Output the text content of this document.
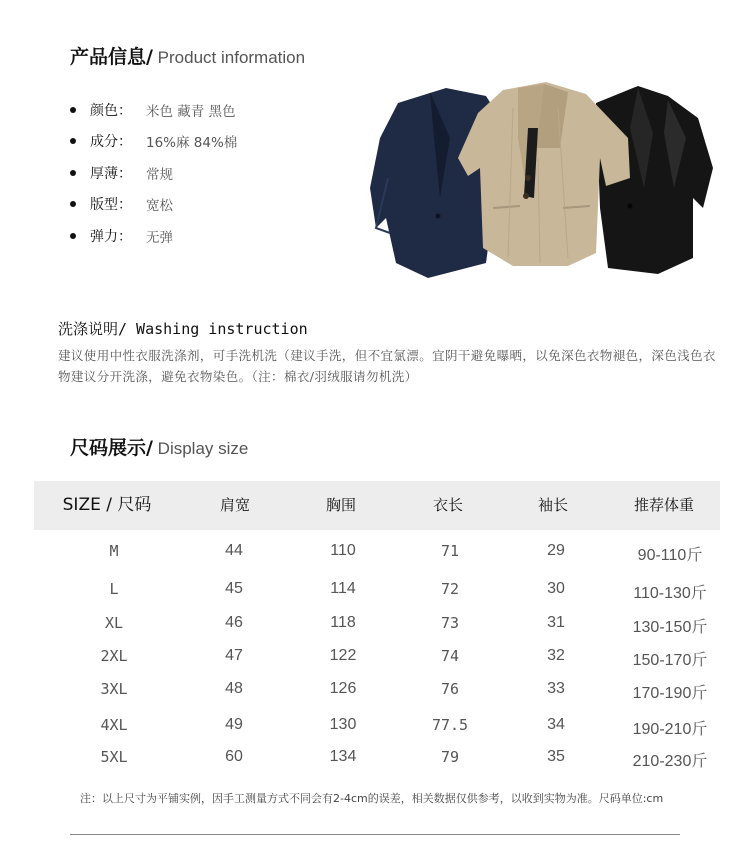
产品信息/ Product information
颜色：	米色 藏青 黑色
成分：	16%麻 84%棉
厚薄：	常规
版型：	宽松
弹力：	无弹
洗涤说明/ Washing instruction
建议使用中性衣服洗涤剂，可手洗机洗（建议手洗，但不宜氯漂。宜阴干避免曝晒，以免深色衣物褪色，深色浅色衣物建议分开洗涤，避免衣物染色。（注：棉衣/羽绒服请勿机洗）
尺码展示/ Display size
SIZE / 尺码	肩宽	胸围	衣长	袖长	推荐体重
M	44	110	71	29	90-110斤
L	45	114	72	30	110-130斤
XL	46	118	73	31	130-150斤
2XL	47	122	74	32	150-170斤
3XL	48	126	76	33	170-190斤
4XL	49	130	77.5	34	190-210斤
5XL	60	134	79	35	210-230斤
注：以上尺寸为平铺实例，因手工测量方式不同会有2-4cm的误差，相关数据仅供参考，以收到实物为准。尺码单位:cm
